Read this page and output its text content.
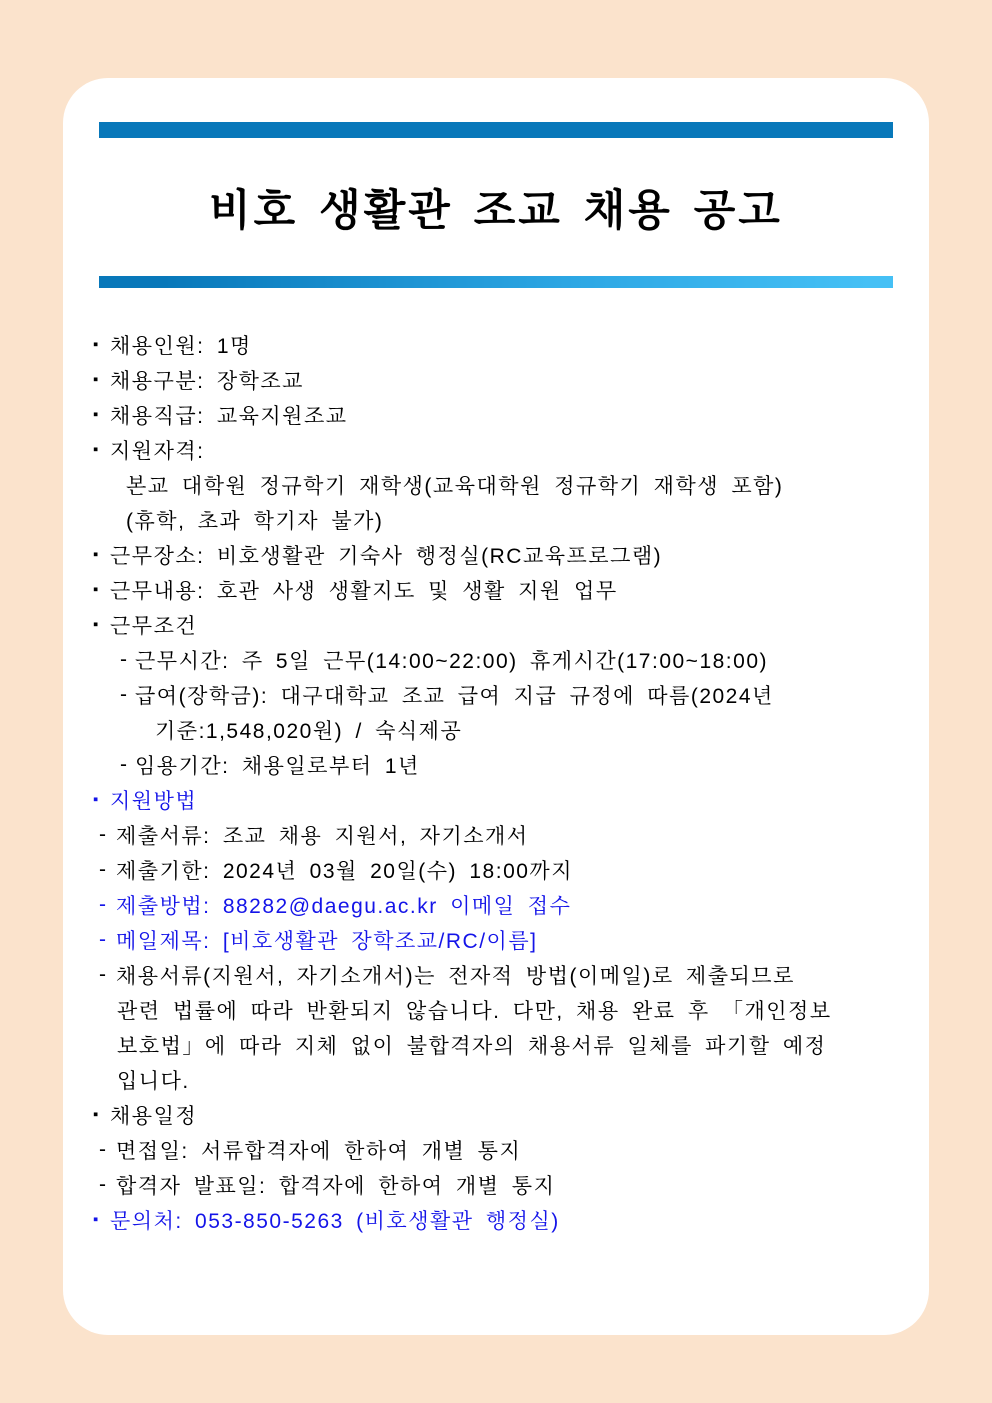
비호 생활관 조교 채용 공고
▪ 채용인원: 1명
▪ 채용구분: 장학조교
▪ 채용직급: 교육지원조교
▪ 지원자격:
본교 대학원 정규학기 재학생(교육대학원 정규학기 재학생 포함)
(휴학, 초과 학기자 불가)
▪ 근무장소: 비호생활관 기숙사 행정실(RC교육프로그램)
▪ 근무내용: 호관 사생 생활지도 및 생활 지원 업무
▪ 근무조건
- 근무시간: 주 5일 근무(14:00~22:00) 휴게시간(17:00~18:00)
- 급여(장학금): 대구대학교 조교 급여 지급 규정에 따름(2024년
기준:1,548,020원) / 숙식제공
- 임용기간: 채용일로부터 1년
▪ 지원방법
- 제출서류: 조교 채용 지원서, 자기소개서
- 제출기한: 2024년 03월 20일(수) 18:00까지
- 제출방법: 88282@daegu.ac.kr 이메일 접수
- 메일제목: [비호생활관 장학조교/RC/이름]
- 채용서류(지원서, 자기소개서)는 전자적 방법(이메일)로 제출되므로
관련 법률에 따라 반환되지 않습니다. 다만, 채용 완료 후 「개인정보
보호법」에 따라 지체 없이 불합격자의 채용서류 일체를 파기할 예정
입니다.
▪ 채용일정
- 면접일: 서류합격자에 한하여 개별 통지
- 합격자 발표일: 합격자에 한하여 개별 통지
▪ 문의처: 053-850-5263 (비호생활관 행정실)
